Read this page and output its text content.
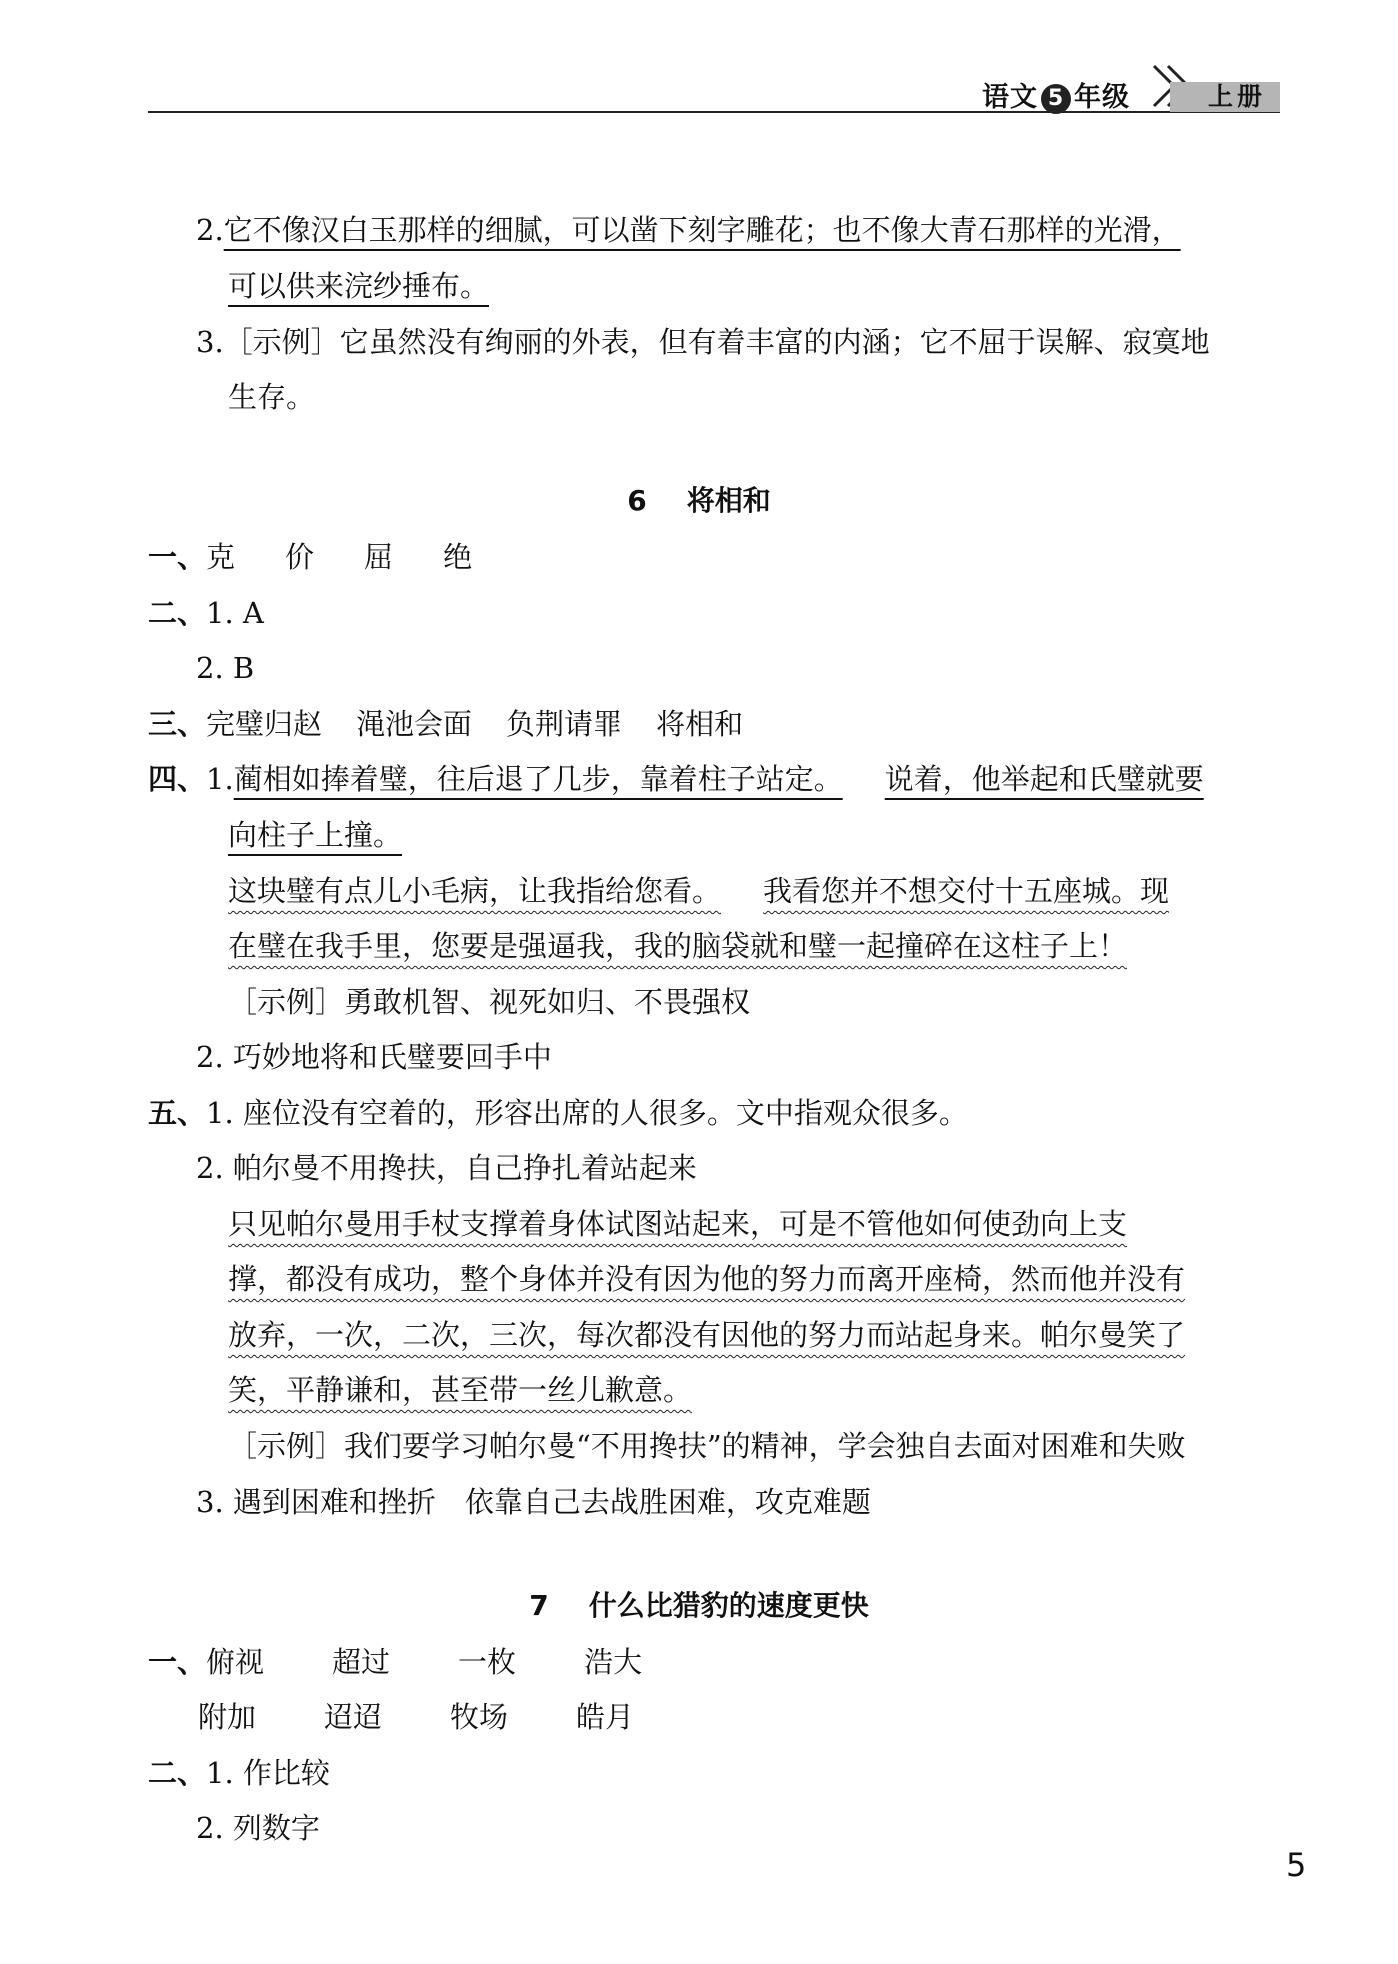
语文 5 年级	上册
2.它不像汉白玉那样的细腻，可以凿下刻字雕花；也不像大青石那样的光滑，
可以供来浣纱捶布。
3.［示例］它虽然没有绚丽的外表，但有着丰富的内涵；它不屈于误解、寂寞地
生存。
6 将相和
一、克 价 屈 绝
二、1. A
2. B
三、完璧归赵 渑池会面 负荆请罪 将相和
四、1.蔺相如捧着璧，往后退了几步，靠着柱子站定。 说着，他举起和氏璧就要
向柱子上撞。
这块璧有点儿小毛病，让我指给您看。 我看您并不想交付十五座城。现
在璧在我手里，您要是强逼我，我的脑袋就和璧一起撞碎在这柱子上！
［示例］勇敢机智、视死如归、不畏强权
2. 巧妙地将和氏璧要回手中
五、1. 座位没有空着的，形容出席的人很多。文中指观众很多。
2. 帕尔曼不用搀扶，自己挣扎着站起来
只见帕尔曼用手杖支撑着身体试图站起来，可是不管他如何使劲向上支
撑，都没有成功，整个身体并没有因为他的努力而离开座椅，然而他并没有
放弃，一次，二次，三次，每次都没有因他的努力而站起身来。帕尔曼笑了
笑，平静谦和，甚至带一丝儿歉意。
［示例］我们要学习帕尔曼“不用搀扶”的精神，学会独自去面对困难和失败
3. 遇到困难和挫折　依靠自己去战胜困难，攻克难题
7 什么比猎豹的速度更快
一、俯视 超过 一枚 浩大
附加 迢迢 牧场 皓月
二、1. 作比较
2. 列数字
5
